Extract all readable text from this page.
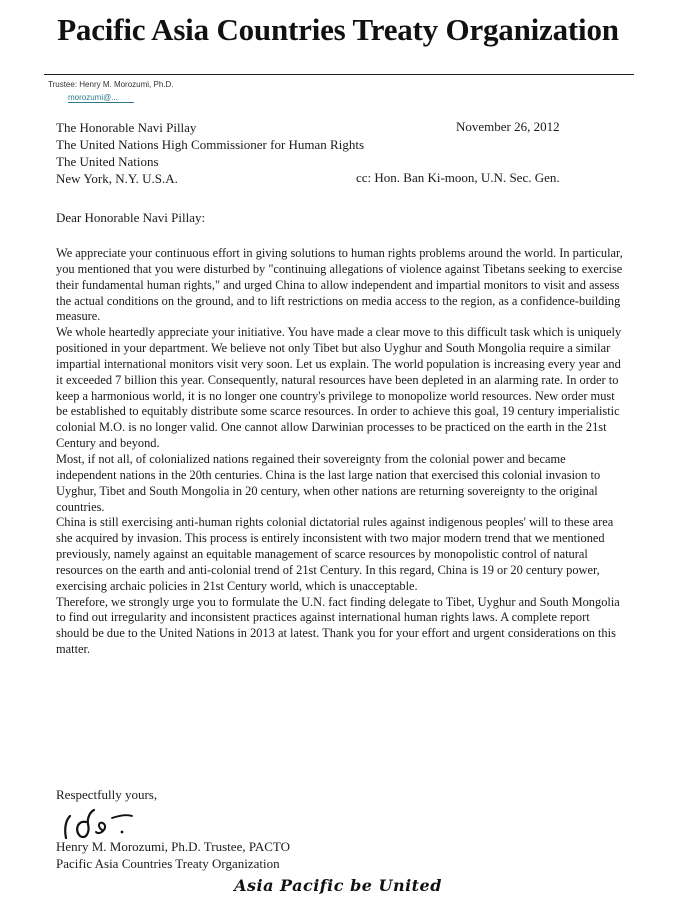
Pacific Asia Countries Treaty Organization
Trustee: Henry M. Morozumi, Ph.D.
morozumi@...
The Honorable Navi Pillay
The United Nations High Commissioner for Human Rights
The United Nations
New York, N.Y. U.S.A.
November 26, 2012
cc: Hon. Ban Ki-moon, U.N. Sec. Gen.
Dear Honorable Navi Pillay:

We appreciate your continuous effort in giving solutions to human rights problems around the world. In particular, you mentioned that you were disturbed by "continuing allegations of violence against Tibetans seeking to exercise their fundamental human rights," and urged China to allow independent and impartial monitors to visit and assess the actual conditions on the ground, and to lift restrictions on media access to the region, as a confidence-building measure.

We whole heartedly appreciate your initiative. You have made a clear move to this difficult task which is uniquely positioned in your department. We believe not only Tibet but also Uyghur and South Mongolia require a similar impartial international monitors visit very soon. Let us explain. The world population is increasing every year and it exceeded 7 billion this year. Consequently, natural resources have been depleted in an alarming rate. In order to keep a harmonious world, it is no longer one country's privilege to monopolize world resources. New order must be established to equitably distribute some scarce resources. In order to achieve this goal, 19 century imperialistic colonial M.O. is no longer valid. One cannot allow Darwinian processes to be practiced on the earth in the 21st Century and beyond.

Most, if not all, of colonialized nations regained their sovereignty from the colonial power and became independent nations in the 20th centuries. China is the last large nation that exercised this colonial invasion to Uyghur, Tibet and South Mongolia in 20 century, when other nations are returning sovereignty to the original countries.

China is still exercising anti-human rights colonial dictatorial rules against indigenous peoples' will to these area she acquired by invasion. This process is entirely inconsistent with two major modern trend that we mentioned previously, namely against an equitable management of scarce resources by monopolistic control of natural resources on the earth and anti-colonial trend of 21st Century. In this regard, China is 19 or 20 century power, exercising archaic policies in 21st Century world, which is unacceptable.

Therefore, we strongly urge you to formulate the U.N. fact finding delegate to Tibet, Uyghur and South Mongolia to find out irregularity and inconsistent practices against international human rights laws. A complete report should be due to the United Nations in 2013 at latest. Thank you for your effort and urgent considerations on this matter.

Respectfully yours,
Henry M. Morozumi, Ph.D. Trustee, PACTO
Pacific Asia Countries Treaty Organization
Asia Pacific be United
